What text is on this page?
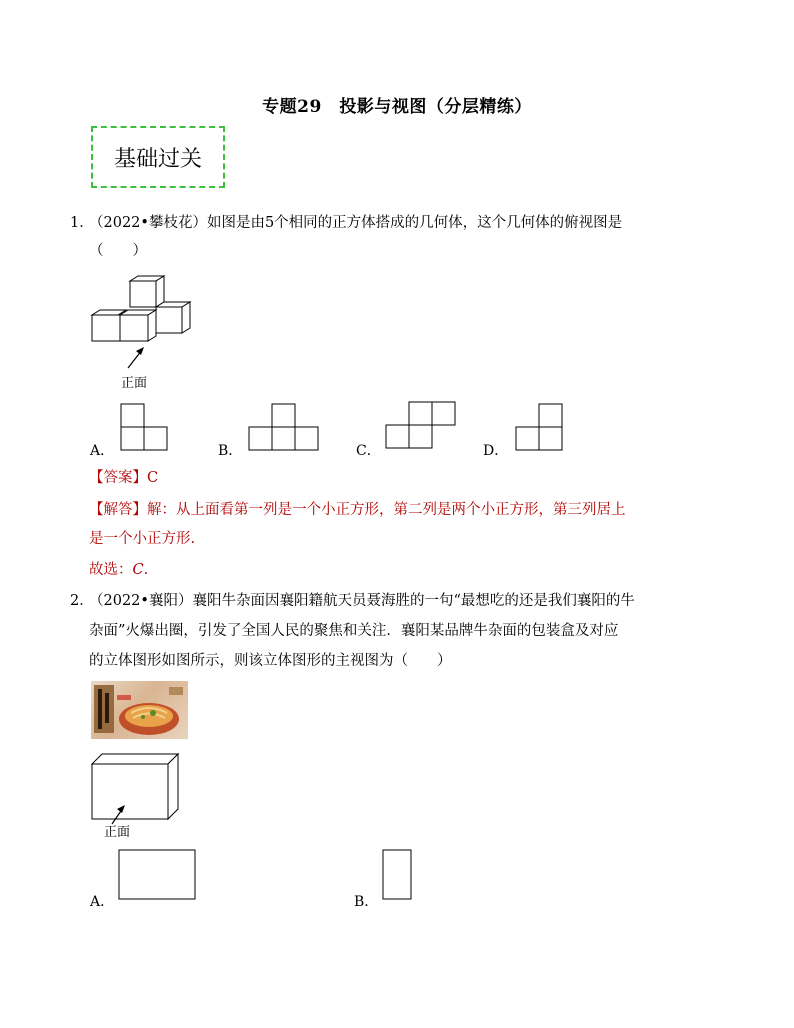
专题29　投影与视图（分层精练）
基础过关
1．
（2022•攀枝花）如图是由5个相同的正方体搭成的几何体，这个几何体的俯视图是
（　　）
正面
A．	B．	C．	D．
【答案】C
【解答】解：从上面看第一列是一个小正方形，第二列是两个小正方形，第三列居上
是一个小正方形.
故选：C.
2．
（2022•襄阳）襄阳牛杂面因襄阳籍航天员聂海胜的一句“最想吃的还是我们襄阳的牛
杂面”火爆出圈，引发了全国人民的聚焦和关注．襄阳某品牌牛杂面的包装盒及对应
的立体图形如图所示，则该立体图形的主视图为（　　）
正面
A．	B．
